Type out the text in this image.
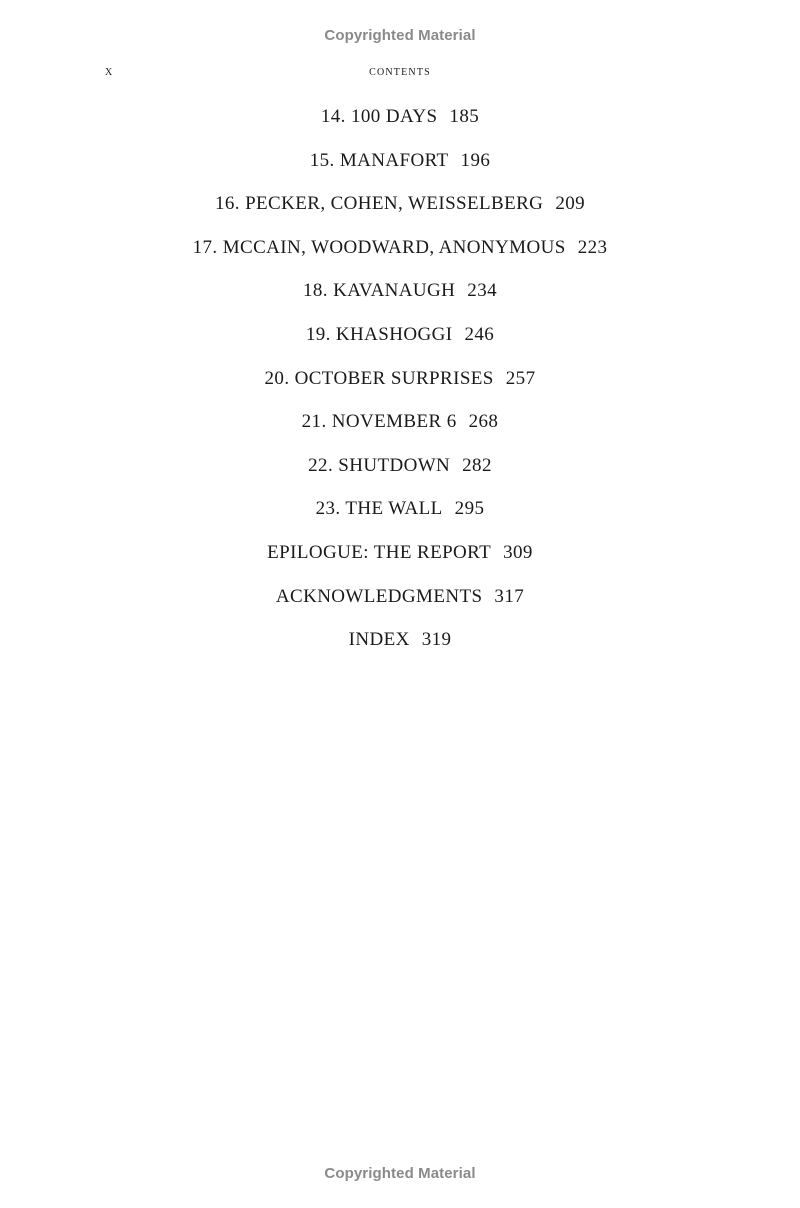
Copyrighted Material
x	contents
14. 100 DAYS 185
15. MANAFORT 196
16. PECKER, COHEN, WEISSELBERG 209
17. MCCAIN, WOODWARD, ANONYMOUS 223
18. KAVANAUGH 234
19. KHASHOGGI 246
20. OCTOBER SURPRISES 257
21. NOVEMBER 6 268
22. SHUTDOWN 282
23. THE WALL 295
EPILOGUE: THE REPORT 309
ACKNOWLEDGMENTS 317
INDEX 319
Copyrighted Material
